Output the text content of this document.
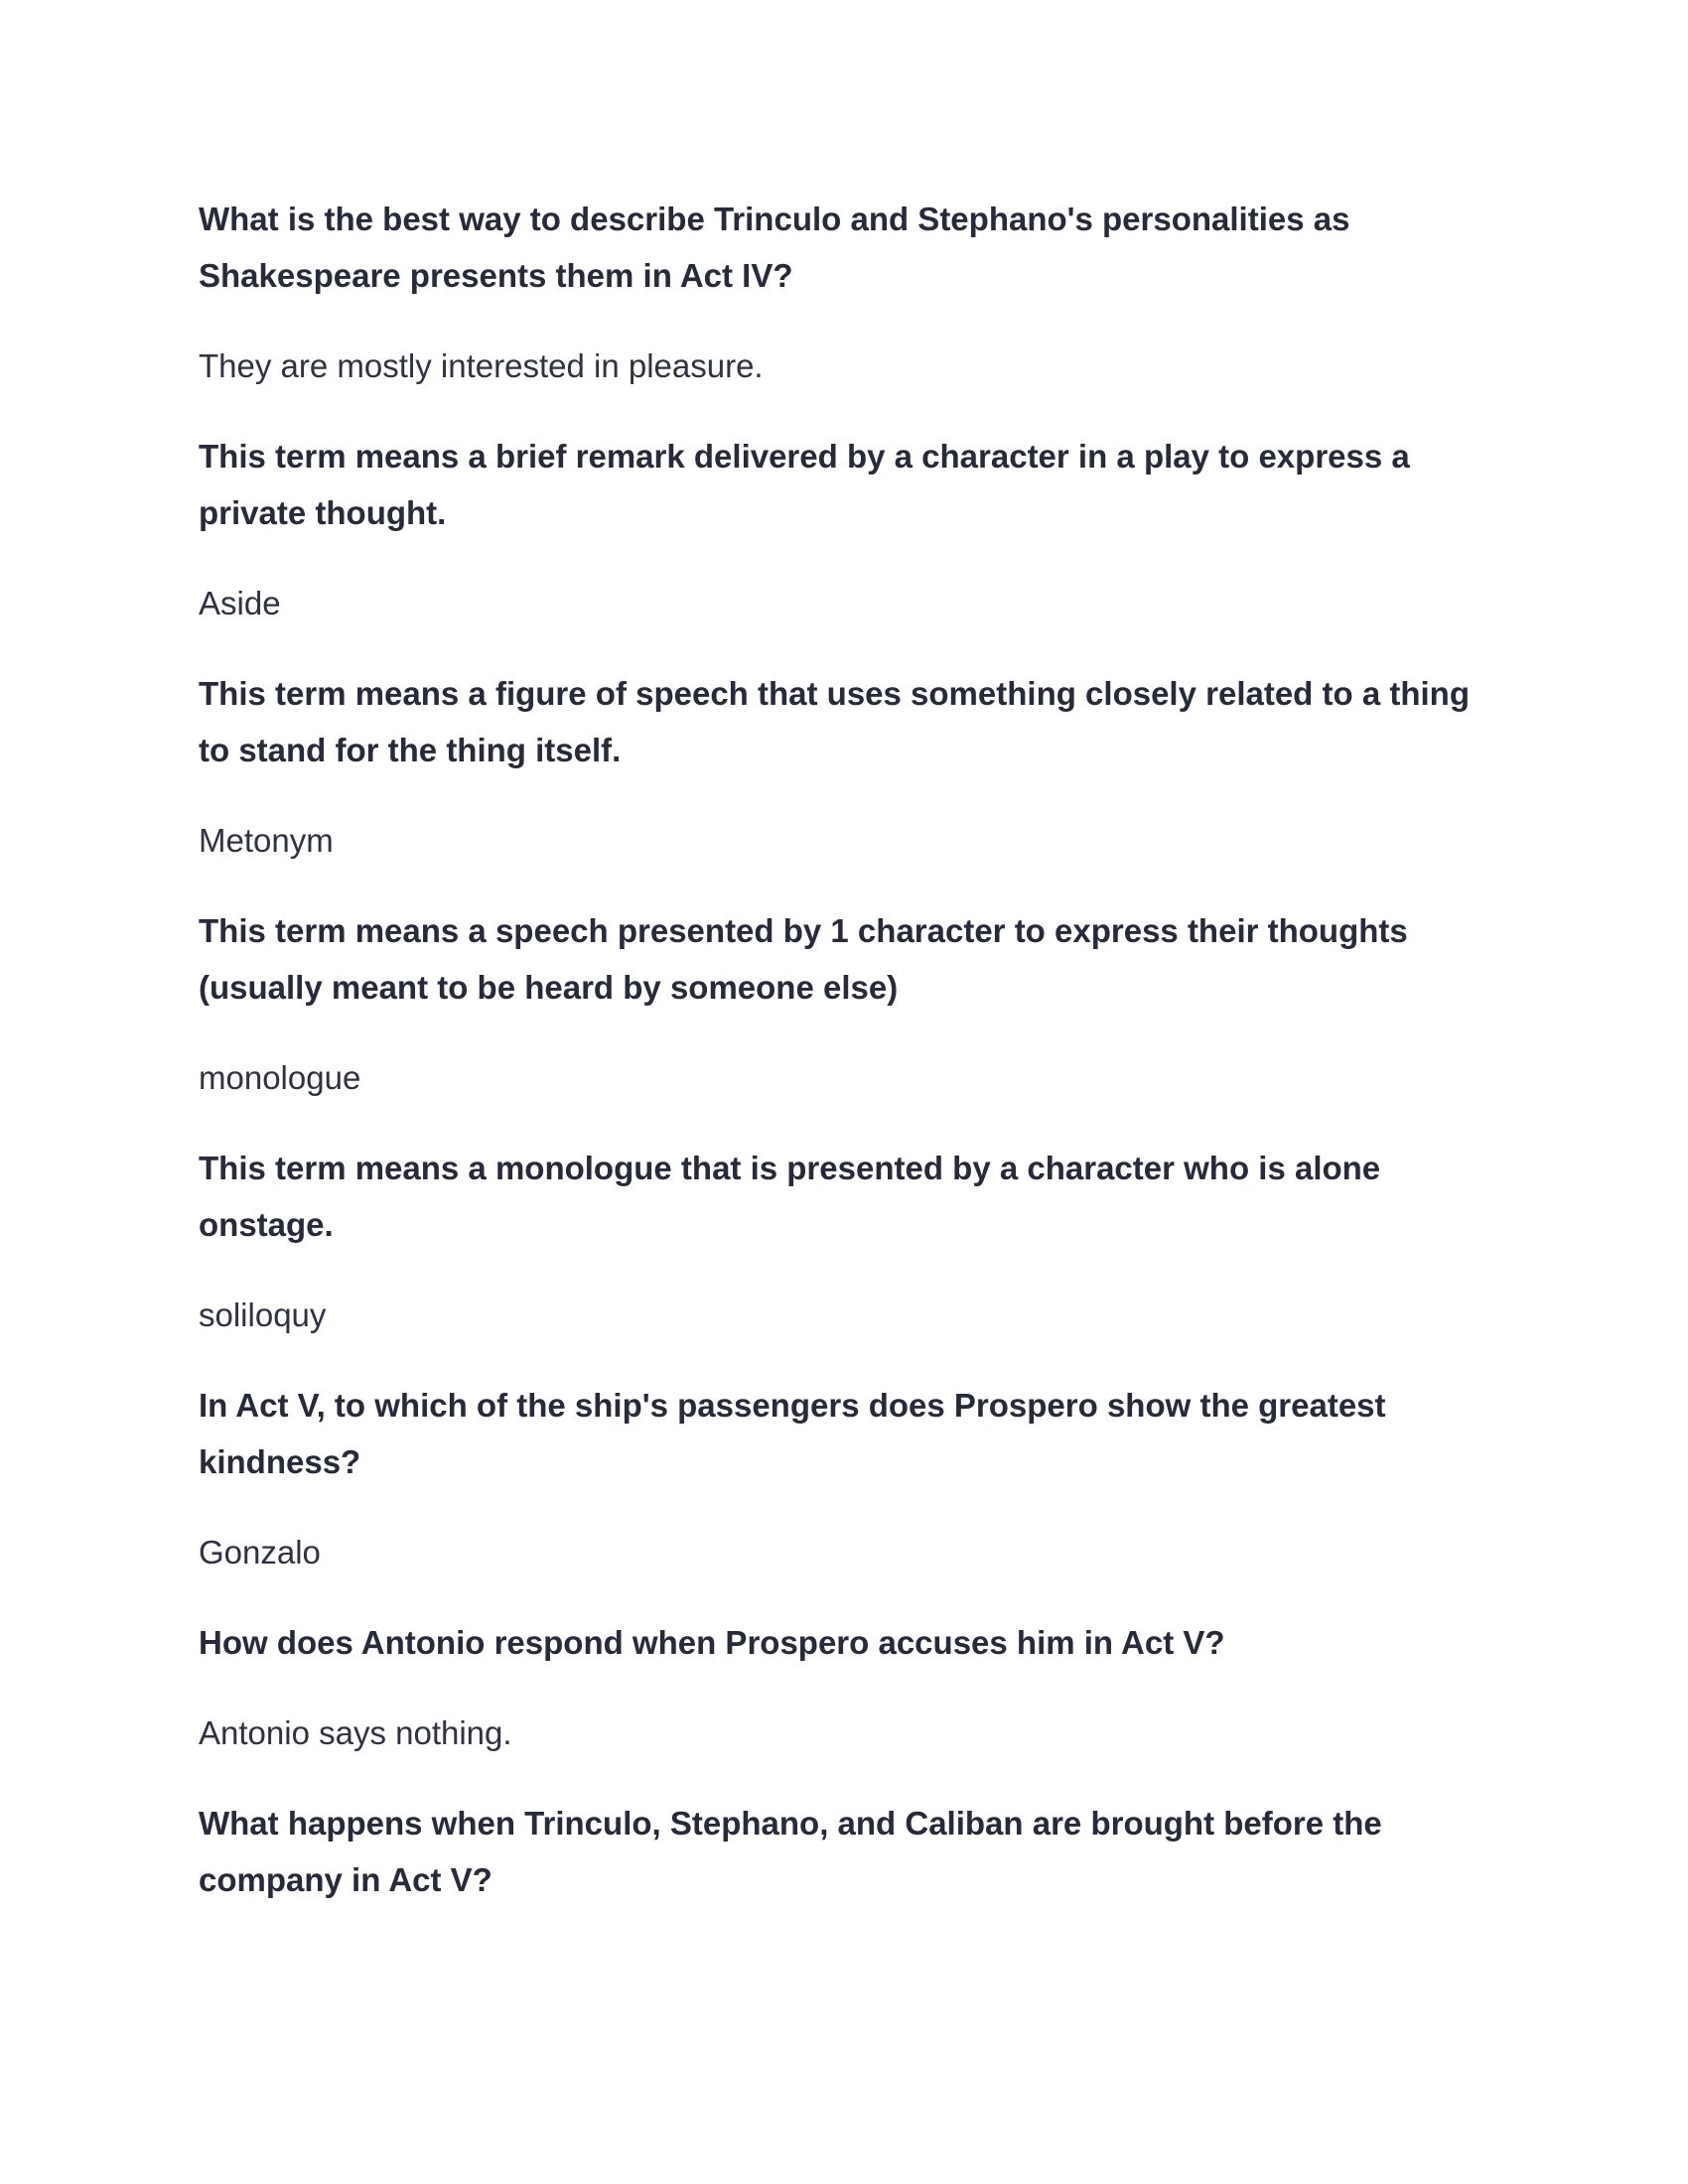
What is the best way to describe Trinculo and Stephano's personalities as
Shakespeare presents them in Act IV?

They are mostly interested in pleasure.

This term means a brief remark delivered by a character in a play to express a
private thought.

Aside

This term means a figure of speech that uses something closely related to a thing
to stand for the thing itself.

Metonym

This term means a speech presented by 1 character to express their thoughts
(usually meant to be heard by someone else)

monologue

This term means a monologue that is presented by a character who is alone
onstage.

soliloquy

In Act V, to which of the ship's passengers does Prospero show the greatest
kindness?

Gonzalo

How does Antonio respond when Prospero accuses him in Act V?

Antonio says nothing.

What happens when Trinculo, Stephano, and Caliban are brought before the
company in Act V?
